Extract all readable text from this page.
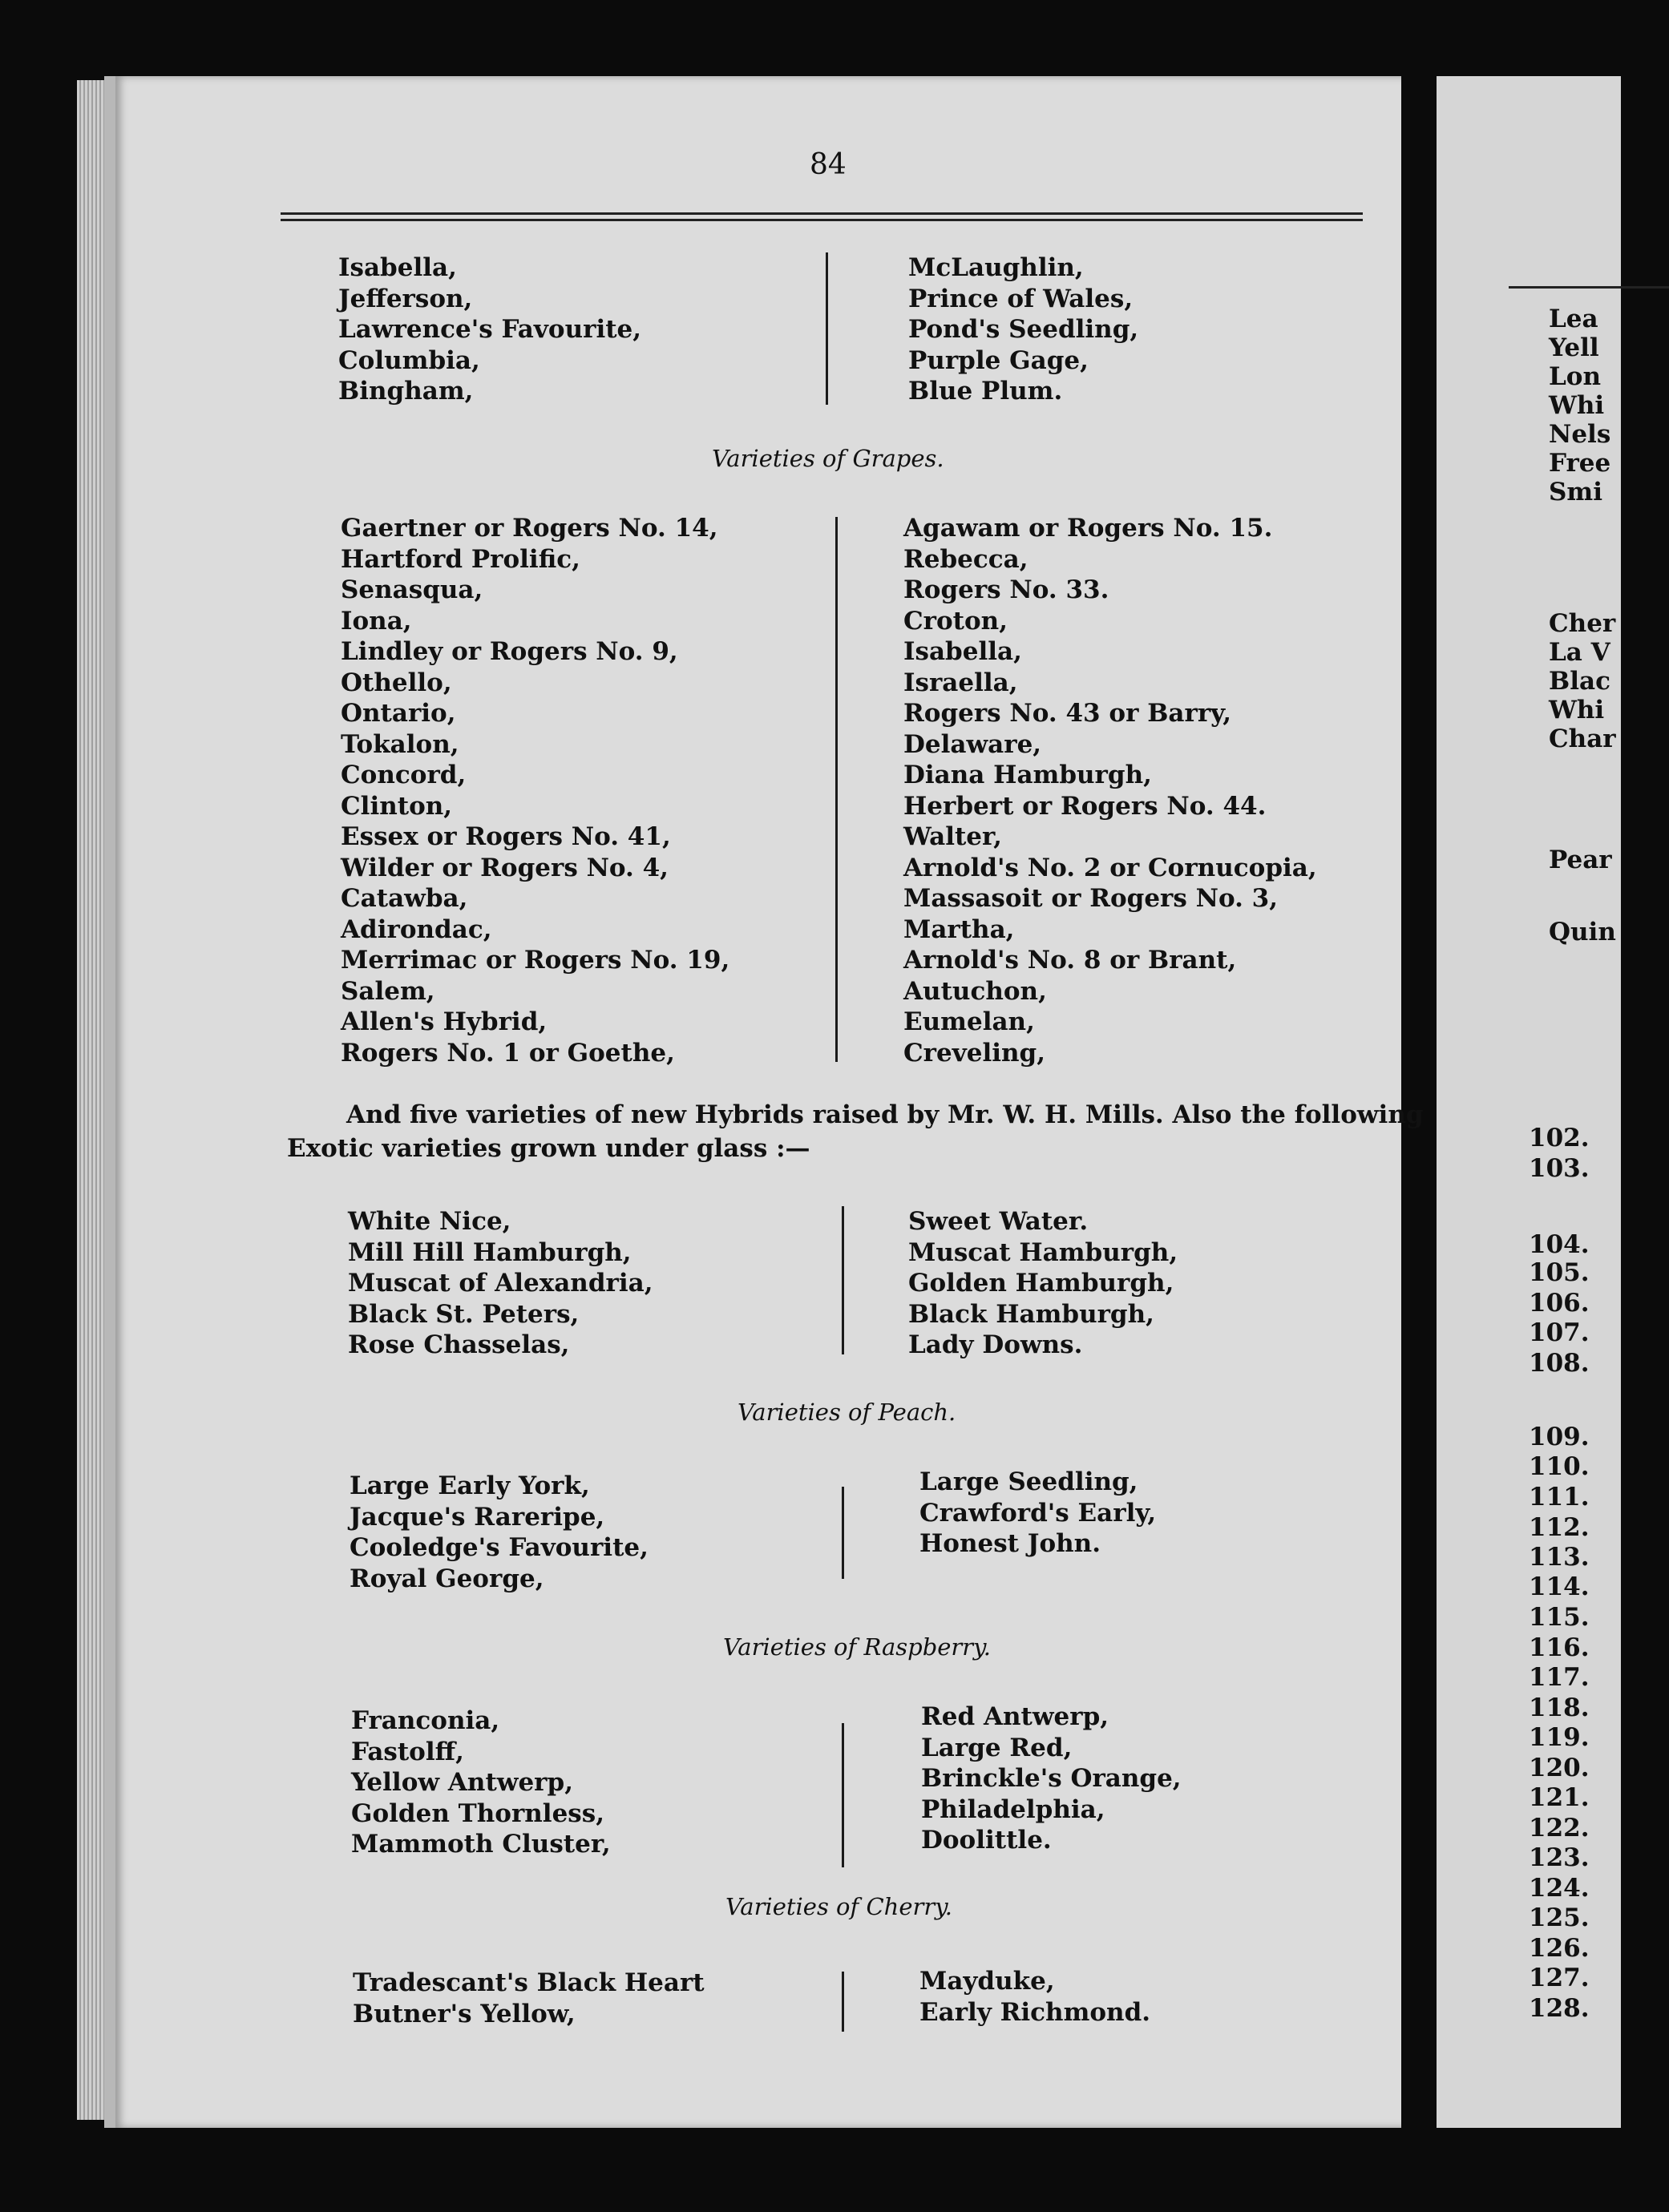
Lea
Yell
Lon
Whi
Nels
Free
Smi
Cher
La V
Blac
Whi
Char
Pear
Quin
102.
103.
104.
105.
106.
107.
108.
109.
110.
111.
112.
113.
114.
115.
116.
117.
118.
119.
120.
121.
122.
123.
124.
125.
126.
127.
128.
84
Isabella,
Jefferson,
Lawrence's Favourite,
Columbia,
Bingham,
McLaughlin,
Prince of Wales,
Pond's Seedling,
Purple Gage,
Blue Plum.
Varieties of Grapes.
Gaertner or Rogers No. 14,
Hartford Prolific,
Senasqua,
Iona,
Lindley or Rogers No. 9,
Othello,
Ontario,
Tokalon,
Concord,
Clinton,
Essex or Rogers No. 41,
Wilder or Rogers No. 4,
Catawba,
Adirondac,
Merrimac or Rogers No. 19,
Salem,
Allen's Hybrid,
Rogers No. 1 or Goethe,
Agawam or Rogers No. 15.
Rebecca,
Rogers No. 33.
Croton,
Isabella,
Israella,
Rogers No. 43 or Barry,
Delaware,
Diana Hamburgh,
Herbert or Rogers No. 44.
Walter,
Arnold's No. 2 or Cornucopia,
Massasoit or Rogers No. 3,
Martha,
Arnold's No. 8 or Brant,
Autuchon,
Eumelan,
Creveling,
And five varieties of new Hybrids raised by Mr. W. H. Mills. Also the following
Exotic varieties grown under glass :—
White Nice,
Mill Hill Hamburgh,
Muscat of Alexandria,
Black St. Peters,
Rose Chasselas,
Sweet Water.
Muscat Hamburgh,
Golden Hamburgh,
Black Hamburgh,
Lady Downs.
Varieties of Peach.
Large Early York,
Jacque's Rareripe,
Cooledge's Favourite,
Royal George,
Large Seedling,
Crawford's Early,
Honest John.
Varieties of Raspberry.
Franconia,
Fastolff,
Yellow Antwerp,
Golden Thornless,
Mammoth Cluster,
Red Antwerp,
Large Red,
Brinckle's Orange,
Philadelphia,
Doolittle.
Varieties of Cherry.
Tradescant's Black Heart
Butner's Yellow,
Mayduke,
Early Richmond.
